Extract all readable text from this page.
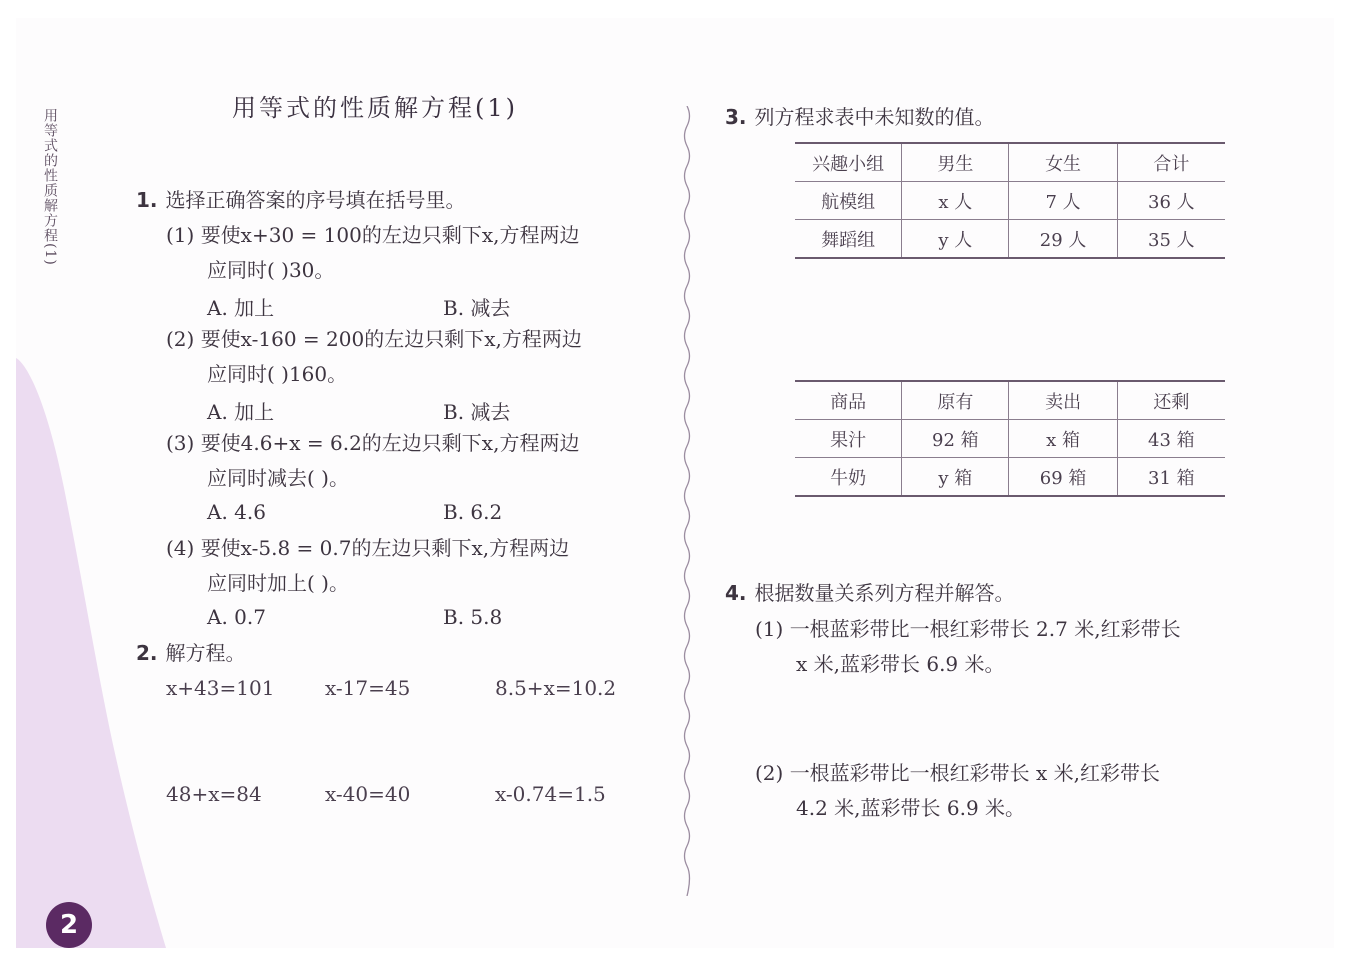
用等式的性质解方程(1)
2
用等式的性质解方程(1)
1. 选择正确答案的序号填在括号里。
(1) 要使x+30 = 100的左边只剩下x,方程两边
应同时( )30。
A. 加上	B. 减去
(2) 要使x-160 = 200的左边只剩下x,方程两边
应同时( )160。
A. 加上	B. 减去
(3) 要使4.6+x = 6.2的左边只剩下x,方程两边
应同时减去( )。
A. 4.6	B. 6.2
(4) 要使x-5.8 = 0.7的左边只剩下x,方程两边
应同时加上( )。
A. 0.7	B. 5.8
2. 解方程。
x+43=101	x-17=45	8.5+x=10.2
48+x=84	x-40=40	x-0.74=1.5
3. 列方程求表中未知数的值。
兴趣小组	男生	女生	合计
航模组	x 人	7 人	36 人
舞蹈组	y 人	29 人	35 人
商品	原有	卖出	还剩
果汁	92 箱	x 箱	43 箱
牛奶	y 箱	69 箱	31 箱
4. 根据数量关系列方程并解答。
(1) 一根蓝彩带比一根红彩带长 2.7 米,红彩带长
x 米,蓝彩带长 6.9 米。
(2) 一根蓝彩带比一根红彩带长 x 米,红彩带长
4.2 米,蓝彩带长 6.9 米。
